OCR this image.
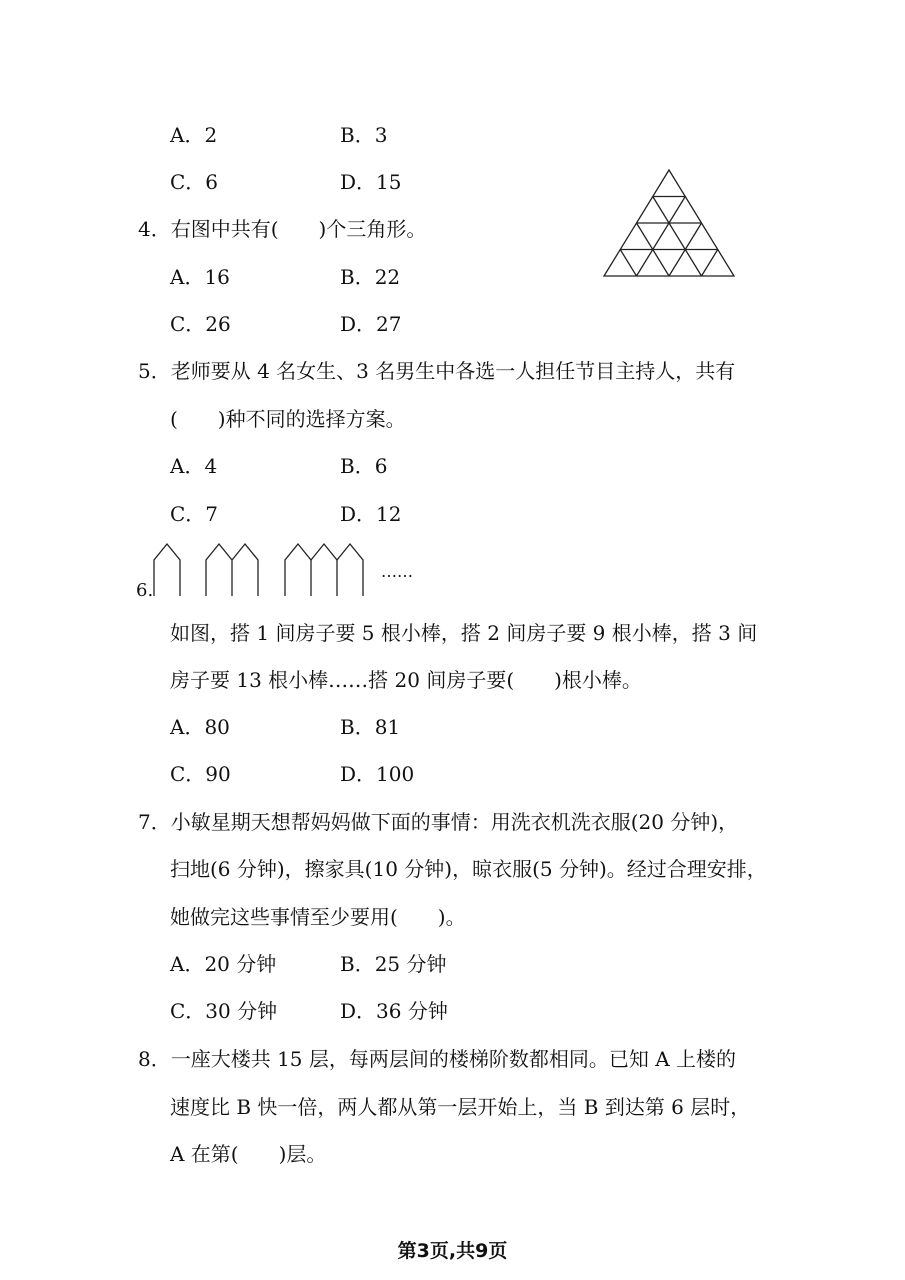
A．2	B．3
C．6	D．15
4．右图中共有(　　)个三角形。
A．16	B．22
C．26	D．27
5．老师要从 4 名女生、3 名男生中各选一人担任节目主持人，共有
(　　)种不同的选择方案。
A．4	B．6
C．7	D．12
6.
……
如图，搭 1 间房子要 5 根小棒，搭 2 间房子要 9 根小棒，搭 3 间
房子要 13 根小棒……搭 20 间房子要(　　)根小棒。
A．80	B．81
C．90	D．100
7．小敏星期天想帮妈妈做下面的事情：用洗衣机洗衣服(20 分钟)，
扫地(6 分钟)，擦家具(10 分钟)，晾衣服(5 分钟)。经过合理安排，
她做完这些事情至少要用(　　)。
A．20 分钟	B．25 分钟
C．30 分钟	D．36 分钟
8．一座大楼共 15 层，每两层间的楼梯阶数都相同。已知 A 上楼的
速度比 B 快一倍，两人都从第一层开始上，当 B 到达第 6 层时，
A 在第(　　)层。
第3页,共9页
